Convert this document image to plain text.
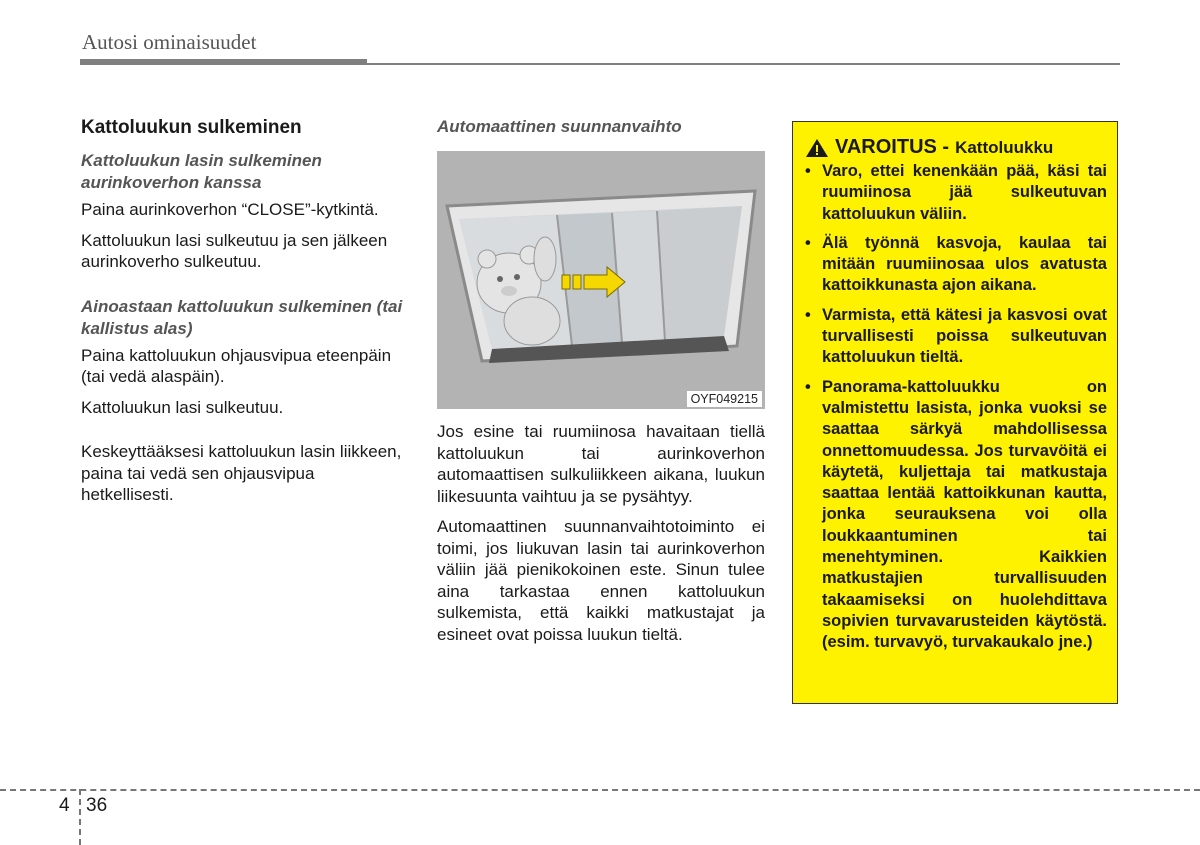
Autosi ominaisuudet
Kattoluukun sulkeminen
Kattoluukun lasin sulkeminen aurinkoverhon kanssa

Paina aurinkoverhon “CLOSE”-kytkintä.

Kattoluukun lasi sulkeutuu ja sen jälkeen aurinkoverho sulkeutuu.

Ainoastaan kattoluukun sulkeminen (tai kallistus alas)

Paina kattoluukun ohjausvipua eteenpäin (tai vedä alaspäin).

Kattoluukun lasi sulkeutuu.

Keskeyttääksesi kattoluukun lasin liikkeen, paina tai vedä sen ohjausvipua hetkellisesti.

Automaattinen suunnanvaihto
OYF049215

Jos esine tai ruumiinosa havaitaan tiellä kattoluukun tai aurinkoverhon automaattisen sulkuliikkeen aikana, luukun liikesuunta vaihtuu ja se pysähtyy.

Automaattinen suunnanvaihtotoiminto ei toimi, jos liukuvan lasin tai aurinkoverhon väliin jää pienikokoinen este. Sinun tulee aina tarkastaa ennen kattoluukun sulkemista, että kaikki matkustajat ja esineet ovat poissa luukun tieltä.

VAROITUS - Kattoluukku
• Varo, ettei kenenkään pää, käsi tai ruumiinosa jää sulkeutuvan kattoluukun väliin.
• Älä työnnä kasvoja, kaulaa tai mitään ruumiinosaa ulos avatusta kattoikkunasta ajon aikana.
• Varmista, että kätesi ja kasvosi ovat turvallisesti poissa sulkeutuvan kattoluukun tieltä.
• Panorama-kattoluukku on valmistettu lasista, jonka vuoksi se saattaa särkyä mahdollisessa onnettomuudessa. Jos turvavöitä ei käytetä, kuljettaja tai matkustaja saattaa lentää kattoikkunan kautta, jonka seurauksena voi olla loukkaantuminen tai menehtyminen. Kaikkien matkustajien turvallisuuden takaamiseksi on huolehdittava sopivien turvavarusteiden käytöstä. (esim. turvavyö, turvakaukalo jne.)
4 36
